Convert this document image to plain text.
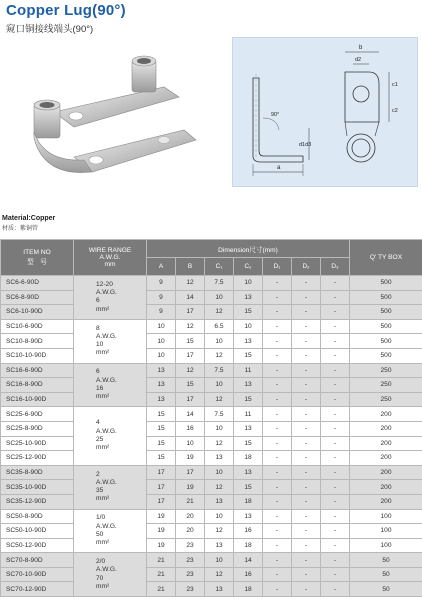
Copper Lug(90°)
窥口铜接线端头(90°)
a
90°
d1d3
b
d2
c1
c2
Material:Copper
材质：紫铜管
ITEM NO
型　号	WIRE RANGE
A.W.G.
mm	Dimension尺寸(mm)							Q' TY BOX
		A	B	C₁	C₂	D₁	D₂	D₃	
SC6-6-90D	12-20
A.W.G.
6
mm²	9	12	7.5	10	-	-	-	500
SC6-8-90D		9	14	10	13	-	-	-	500
SC6-10-90D		9	17	12	15	-	-	-	500
SC10-6-90D	8
A.W.G.
10
mm²	10	12	6.5	10	-	-	-	500
SC10-8-90D		10	15	10	13	-	-	-	500
SC10-10-90D		10	17	12	15	-	-	-	500
SC16-6-90D	6
A.W.G.
16
mm²	13	12	7.5	11	-	-	-	250
SC16-8-90D		13	15	10	13	-	-	-	250
SC16-10-90D		13	17	12	15	-	-	-	250
SC25-6-90D	4
A.W.G.
25
mm²	15	14	7.5	11	-	-	-	200
SC25-8-90D		15	16	10	13	-	-	-	200
SC25-10-90D		15	10	12	15	-	-	-	200
SC25-12-90D		15	19	13	18	-	-	-	200
SC35-8-90D	2
A.W.G.
35
mm²	17	17	10	13	-	-	-	200
SC35-10-90D		17	19	12	15	-	-	-	200
SC35-12-90D		17	21	13	18	-	-	-	200
SC50-8-90D	1/0
A.W.G.
50
mm²	19	20	10	13	-	-	-	100
SC50-10-90D		19	20	12	16	-	-	-	100
SC50-12-90D		19	23	13	18	-	-	-	100
SC70-8-90D	2/0
A.W.G.
70
mm²	21	23	10	14	-	-	-	50
SC70-10-90D		21	23	12	16	-	-	-	50
SC70-12-90D		21	23	13	18	-	-	-	50
